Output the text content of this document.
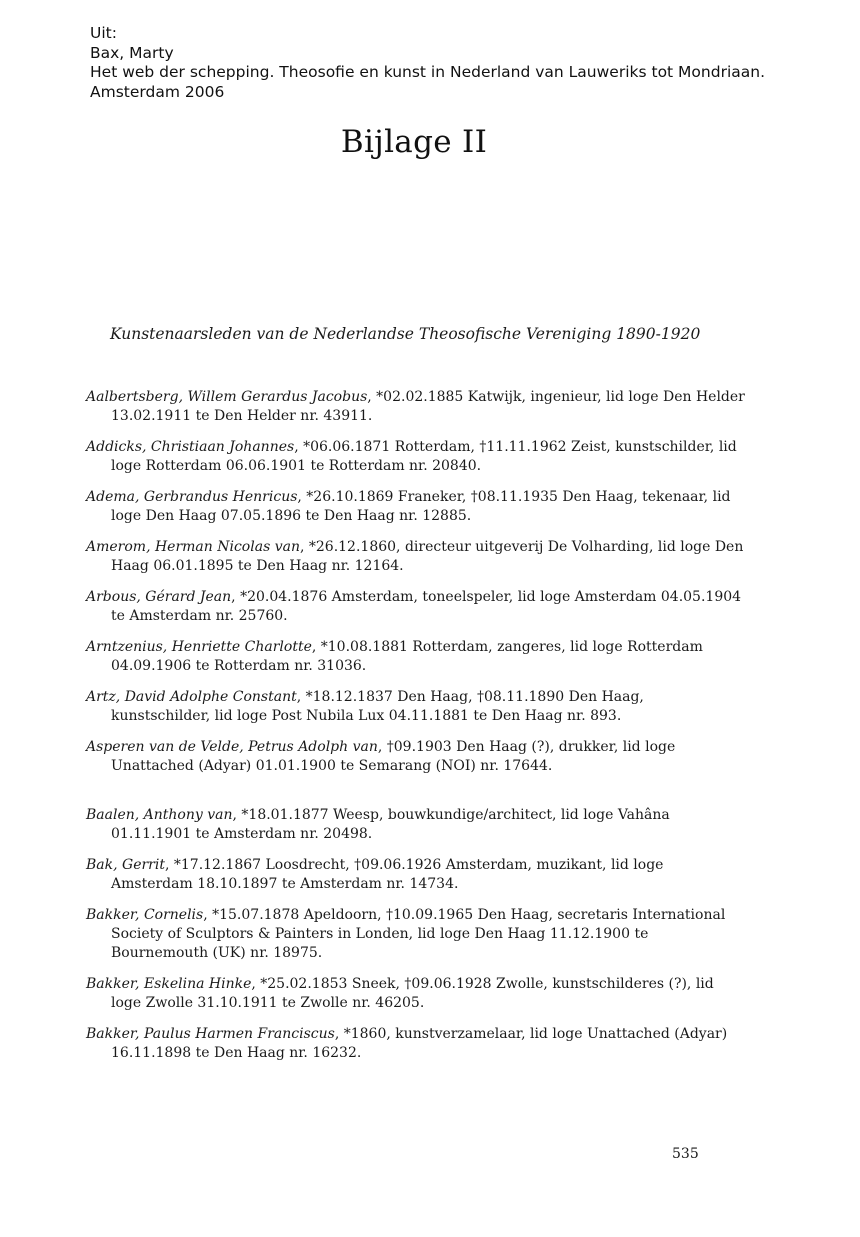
Uit:
Bax, Marty
Het web der schepping. Theosofie en kunst in Nederland van Lauweriks tot Mondriaan.
Amsterdam 2006
Bijlage II
Kunstenaarsleden van de Nederlandse Theosofische Vereniging 1890-1920
Aalbertsberg, Willem Gerardus Jacobus, *02.02.1885 Katwijk, ingenieur, lid loge Den Helder 13.02.1911 te Den Helder nr. 43911.
Addicks, Christiaan Johannes, *06.06.1871 Rotterdam, †11.11.1962 Zeist, kunstschilder, lid loge Rotterdam 06.06.1901 te Rotterdam nr. 20840.
Adema, Gerbrandus Henricus, *26.10.1869 Franeker, †08.11.1935 Den Haag, tekenaar, lid loge Den Haag 07.05.1896 te Den Haag nr. 12885.
Amerom, Herman Nicolas van, *26.12.1860, directeur uitgeverij De Volharding, lid loge Den Haag 06.01.1895 te Den Haag nr. 12164.
Arbous, Gérard Jean, *20.04.1876 Amsterdam, toneelspeler, lid loge Amsterdam 04.05.1904 te Amsterdam nr. 25760.
Arntzenius, Henriette Charlotte, *10.08.1881 Rotterdam, zangeres, lid loge Rotterdam 04.09.1906 te Rotterdam nr. 31036.
Artz, David Adolphe Constant, *18.12.1837 Den Haag, †08.11.1890 Den Haag, kunstschilder, lid loge Post Nubila Lux 04.11.1881 te Den Haag nr. 893.
Asperen van de Velde, Petrus Adolph van, †09.1903 Den Haag (?), drukker, lid loge Unattached (Adyar) 01.01.1900 te Semarang (NOI) nr. 17644.
Baalen, Anthony van, *18.01.1877 Weesp, bouwkundige/architect, lid loge Vahâna 01.11.1901 te Amsterdam nr. 20498.
Bak, Gerrit, *17.12.1867 Loosdrecht, †09.06.1926 Amsterdam, muzikant, lid loge Amsterdam 18.10.1897 te Amsterdam nr. 14734.
Bakker, Cornelis, *15.07.1878 Apeldoorn, †10.09.1965 Den Haag, secretaris International Society of Sculptors & Painters in Londen, lid loge Den Haag 11.12.1900 te Bournemouth (UK) nr. 18975.
Bakker, Eskelina Hinke, *25.02.1853 Sneek, †09.06.1928 Zwolle, kunstschilderes (?), lid loge Zwolle 31.10.1911 te Zwolle nr. 46205.
Bakker, Paulus Harmen Franciscus, *1860, kunstverzamelaar, lid loge Unattached (Adyar) 16.11.1898 te Den Haag nr. 16232.
535
